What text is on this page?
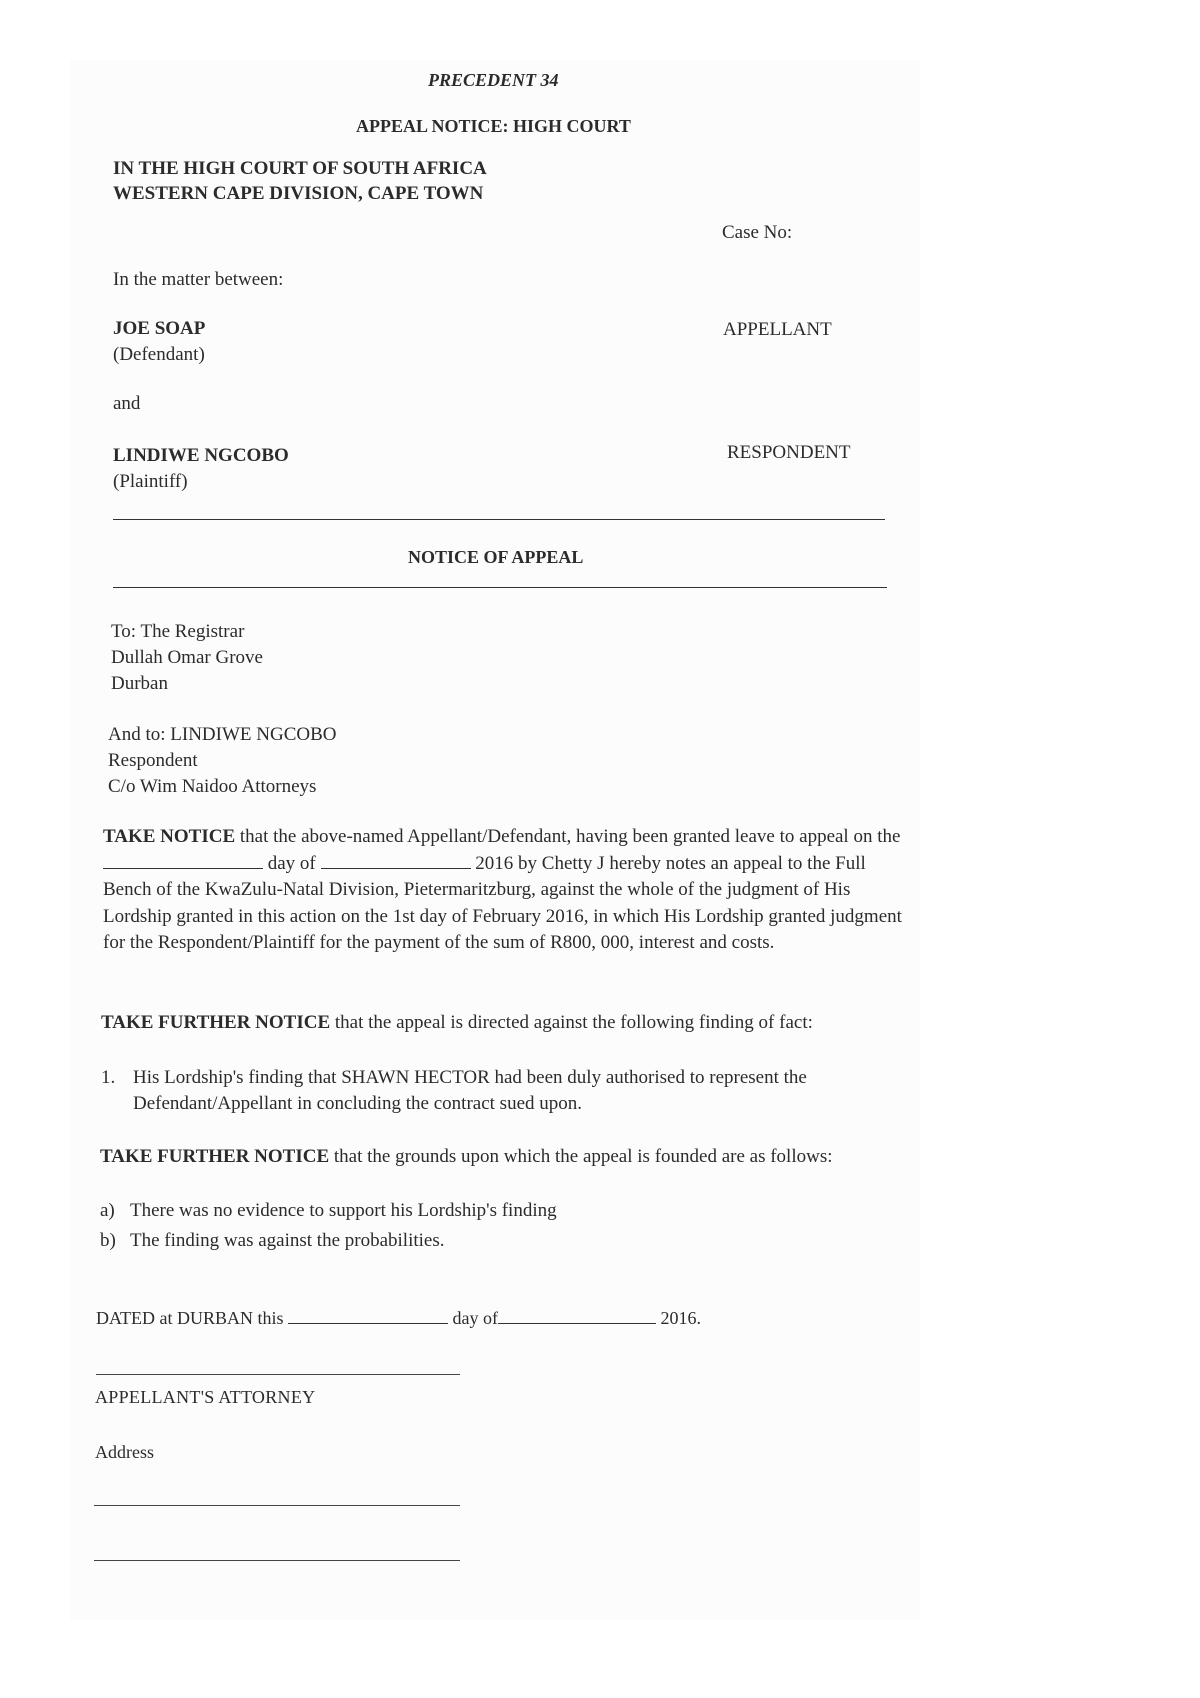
PRECEDENT 34
APPEAL NOTICE: HIGH COURT
IN THE HIGH COURT OF SOUTH AFRICA
WESTERN CAPE DIVISION, CAPE TOWN
Case No:
In the matter between:
JOE SOAP
(Defendant)
APPELLANT
and
LINDIWE NGCOBO
(Plaintiff)
RESPONDENT
NOTICE OF APPEAL
To: The Registrar
Dullah Omar Grove
Durban
And to: LINDIWE NGCOBO
Respondent
C/o Wim Naidoo Attorneys
TAKE NOTICE that the above-named Appellant/Defendant, having been granted leave to appeal on the  day of	2016 by Chetty J hereby notes an appeal to the Full Bench of the KwaZulu-Natal Division, Pietermaritzburg, against the whole of the judgment of His Lordship granted in this action on the 1st day of February 2016, in which His Lordship granted judgment for the Respondent/Plaintiff for the payment of the sum of R800, 000, interest and costs.
TAKE FURTHER NOTICE that the appeal is directed against the following finding of fact:
1. His Lordship's finding that SHAWN HECTOR had been duly authorised to represent the Defendant/Appellant in concluding the contract sued upon.
TAKE FURTHER NOTICE that the grounds upon which the appeal is founded are as follows:
a) There was no evidence to support his Lordship's finding
b) The finding was against the probabilities.
DATED at DURBAN this	day of	2016.
APPELLANT'S ATTORNEY
Address
